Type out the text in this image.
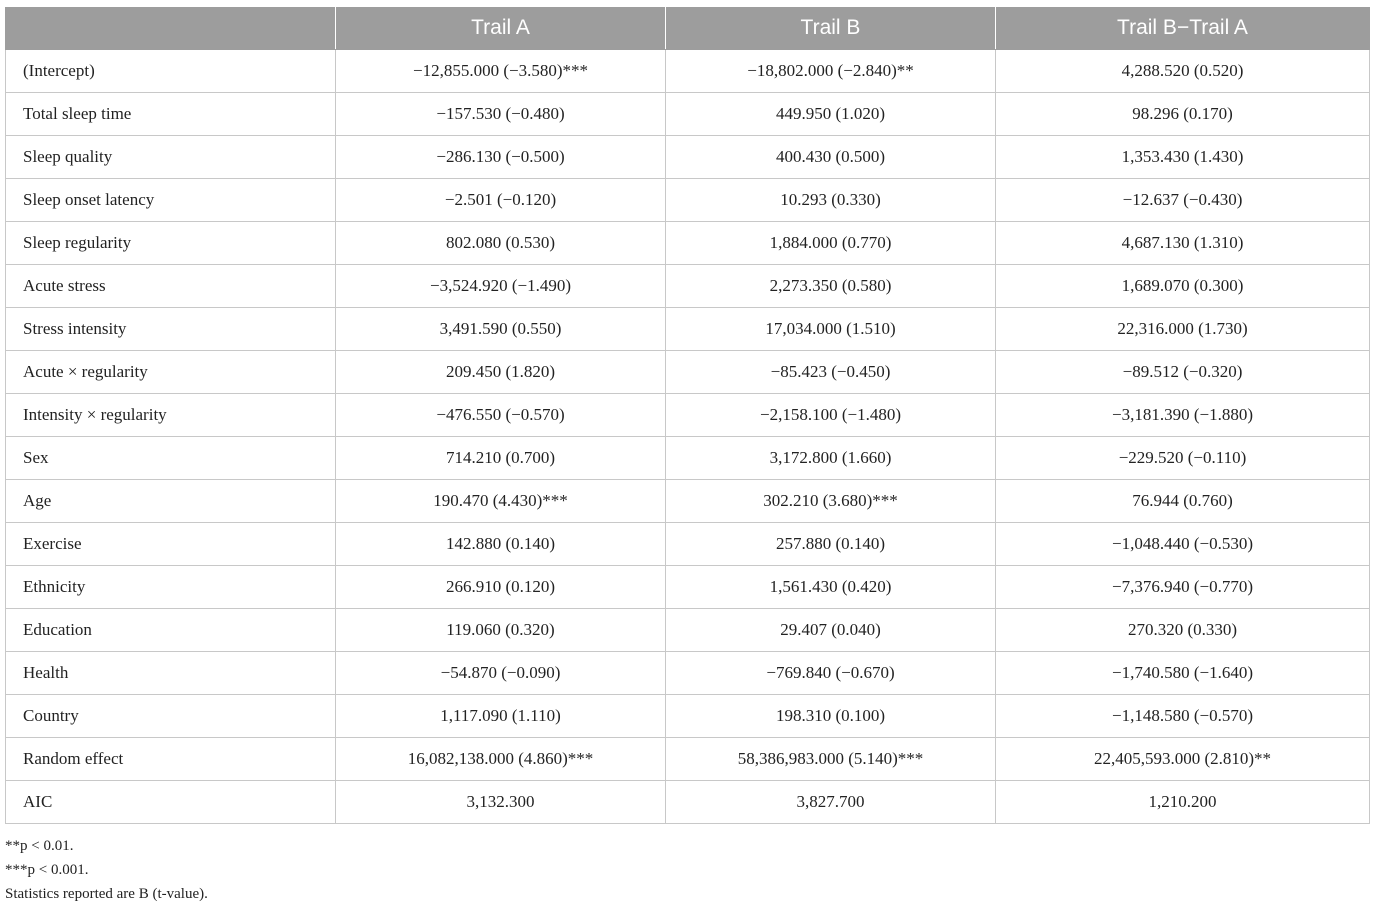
	Trail A	Trail B	Trail B−Trail A
(Intercept)	−12,855.000 (−3.580)***	−18,802.000 (−2.840)**	4,288.520 (0.520)
Total sleep time	−157.530 (−0.480)	449.950 (1.020)	98.296 (0.170)
Sleep quality	−286.130 (−0.500)	400.430 (0.500)	1,353.430 (1.430)
Sleep onset latency	−2.501 (−0.120)	10.293 (0.330)	−12.637 (−0.430)
Sleep regularity	802.080 (0.530)	1,884.000 (0.770)	4,687.130 (1.310)
Acute stress	−3,524.920 (−1.490)	2,273.350 (0.580)	1,689.070 (0.300)
Stress intensity	3,491.590 (0.550)	17,034.000 (1.510)	22,316.000 (1.730)
Acute × regularity	209.450 (1.820)	−85.423 (−0.450)	−89.512 (−0.320)
Intensity × regularity	−476.550 (−0.570)	−2,158.100 (−1.480)	−3,181.390 (−1.880)
Sex	714.210 (0.700)	3,172.800 (1.660)	−229.520 (−0.110)
Age	190.470 (4.430)***	302.210 (3.680)***	76.944 (0.760)
Exercise	142.880 (0.140)	257.880 (0.140)	−1,048.440 (−0.530)
Ethnicity	266.910 (0.120)	1,561.430 (0.420)	−7,376.940 (−0.770)
Education	119.060 (0.320)	29.407 (0.040)	270.320 (0.330)
Health	−54.870 (−0.090)	−769.840 (−0.670)	−1,740.580 (−1.640)
Country	1,117.090 (1.110)	198.310 (0.100)	−1,148.580 (−0.570)
Random effect	16,082,138.000 (4.860)***	58,386,983.000 (5.140)***	22,405,593.000 (2.810)**
AIC	3,132.300	3,827.700	1,210.200
**p < 0.01.
***p < 0.001.
Statistics reported are B (t-value).
